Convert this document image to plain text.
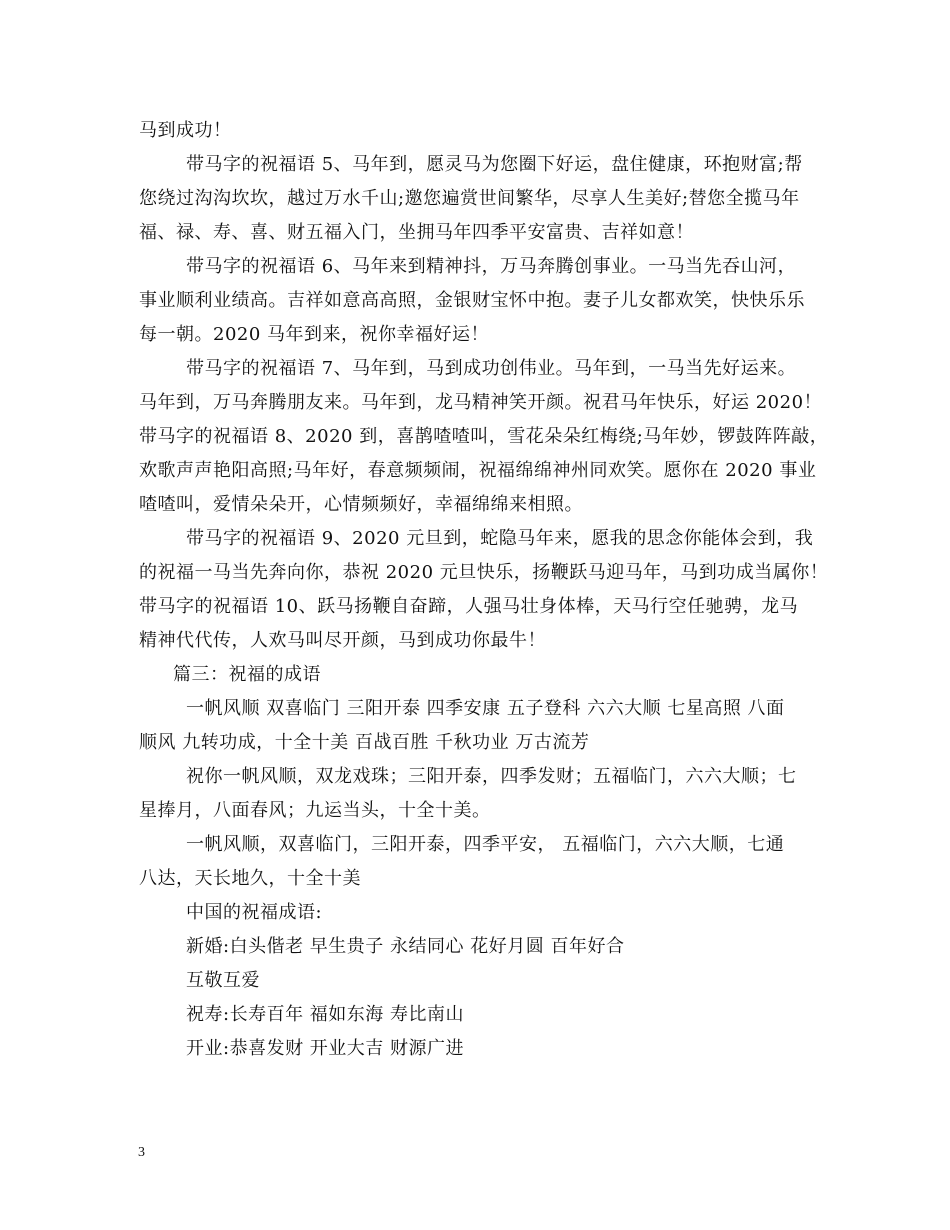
马到成功！
带马字的祝福语 5、马年到，愿灵马为您圈下好运，盘住健康，环抱财富;帮
您绕过沟沟坎坎，越过万水千山;邀您遍赏世间繁华，尽享人生美好;替您全揽马年
福、禄、寿、喜、财五福入门，坐拥马年四季平安富贵、吉祥如意！
带马字的祝福语 6、马年来到精神抖，万马奔腾创事业。一马当先吞山河，
事业顺利业绩高。吉祥如意高高照，金银财宝怀中抱。妻子儿女都欢笑，快快乐乐
每一朝。2020 马年到来，祝你幸福好运！
带马字的祝福语 7、马年到，马到成功创伟业。马年到，一马当先好运来。
马年到，万马奔腾朋友来。马年到，龙马精神笑开颜。祝君马年快乐，好运 2020！
带马字的祝福语 8、2020 到，喜鹊喳喳叫，雪花朵朵红梅绕;马年妙，锣鼓阵阵敲，
欢歌声声艳阳高照;马年好，春意频频闹，祝福绵绵神州同欢笑。愿你在 2020 事业
喳喳叫，爱情朵朵开，心情频频好，幸福绵绵来相照。
带马字的祝福语 9、2020 元旦到，蛇隐马年来，愿我的思念你能体会到，我
的祝福一马当先奔向你，恭祝 2020 元旦快乐，扬鞭跃马迎马年，马到功成当属你！
带马字的祝福语 10、跃马扬鞭自奋蹄，人强马壮身体棒，天马行空任驰骋，龙马
精神代代传，人欢马叫尽开颜，马到成功你最牛！
篇三：祝福的成语
一帆风顺 双喜临门 三阳开泰 四季安康 五子登科 六六大顺 七星高照 八面
顺风 九转功成，十全十美 百战百胜 千秋功业 万古流芳
祝你一帆风顺，双龙戏珠；三阳开泰，四季发财；五福临门，六六大顺；七
星捧月，八面春风；九运当头，十全十美。
一帆风顺，双喜临门，三阳开泰，四季平安， 五福临门，六六大顺，七通
八达，天长地久，十全十美
中国的祝福成语:
新婚:白头偕老 早生贵子 永结同心 花好月圆 百年好合
互敬互爱
祝寿:长寿百年 福如东海 寿比南山
开业:恭喜发财 开业大吉 财源广进
3
